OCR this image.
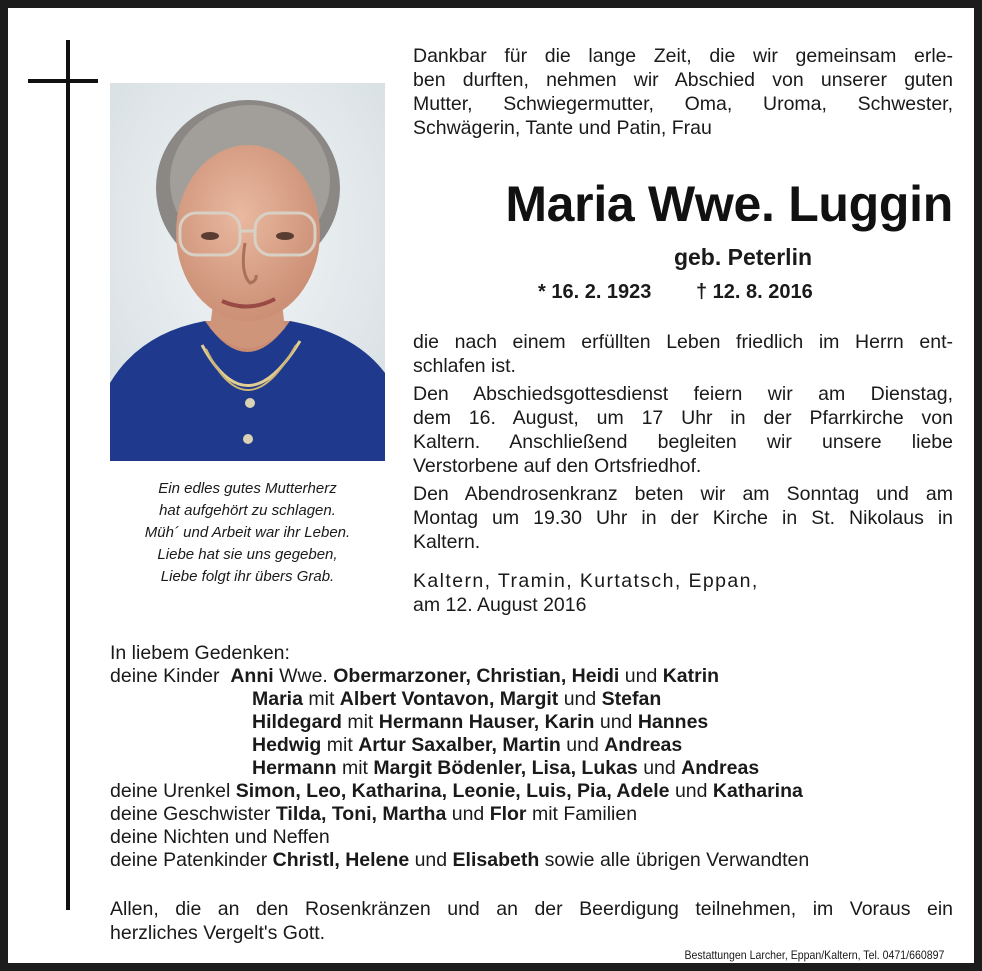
Ein edles gutes Mutterherz
hat aufgehört zu schlagen.
Müh´ und Arbeit war ihr Leben.
Liebe hat sie uns gegeben,
Liebe folgt ihr übers Grab.
Dankbar für die lange Zeit, die wir gemeinsam erle-
ben durften, nehmen wir Abschied von unserer guten
Mutter, Schwiegermutter, Oma, Uroma, Schwester,
Schwägerin, Tante und Patin, Frau
Maria Wwe. Luggin
geb. Peterlin
* 16. 2. 1923 † 12. 8. 2016
die nach einem erfüllten Leben friedlich im Herrn ent-
schlafen ist.
Den Abschiedsgottesdienst feiern wir am Dienstag,
dem 16. August, um 17 Uhr in der Pfarrkirche von
Kaltern. Anschließend begleiten wir unsere liebe
Verstorbene auf den Ortsfriedhof.
Den Abendrosenkranz beten wir am Sonntag und am
Montag um 19.30 Uhr in der Kirche in St. Nikolaus in
Kaltern.
Kaltern, Tramin, Kurtatsch, Eppan,
am 12. August 2016
In liebem Gedenken:
deine Kinder Anni Wwe. Obermarzoner, Christian, Heidi und Katrin
Maria mit Albert Vontavon, Margit und Stefan
Hildegard mit Hermann Hauser, Karin und Hannes
Hedwig mit Artur Saxalber, Martin und Andreas
Hermann mit Margit Bödenler, Lisa, Lukas und Andreas
deine Urenkel Simon, Leo, Katharina, Leonie, Luis, Pia, Adele und Katharina
deine Geschwister Tilda, Toni, Martha und Flor mit Familien
deine Nichten und Neffen
deine Patenkinder Christl, Helene und Elisabeth sowie alle übrigen Verwandten
Allen, die an den Rosenkränzen und an der Beerdigung teilnehmen, im Voraus ein
herzliches Vergelt's Gott.
Bestattungen Larcher, Eppan/Kaltern, Tel. 0471/660897
